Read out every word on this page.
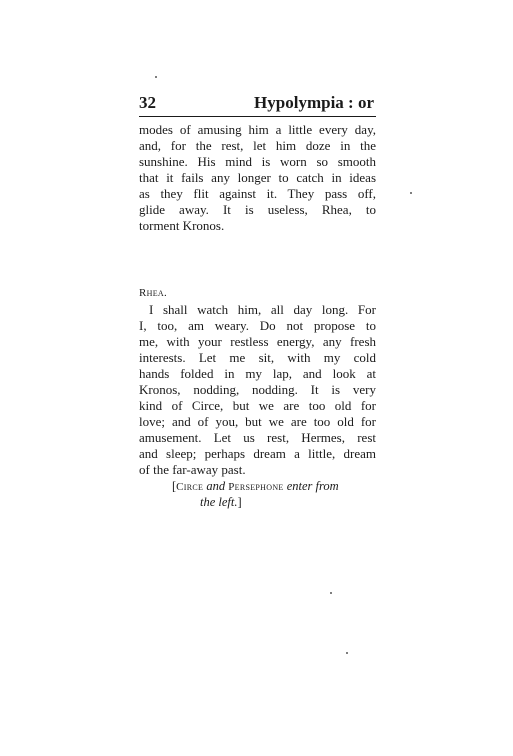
32	Hypolympia : or
modes of amusing him a little every day,
and, for the rest, let him doze in the
sunshine. His mind is worn so smooth
that it fails any longer to catch in ideas
as they flit against it. They pass off,
glide away. It is useless, Rhea, to
torment Kronos.
Rhea.
I shall watch him, all day long. For
I, too, am weary. Do not propose to
me, with your restless energy, any fresh
interests. Let me sit, with my cold
hands folded in my lap, and look at
Kronos, nodding, nodding. It is very
kind of Circe, but we are too old for
love; and of you, but we are too old for
amusement. Let us rest, Hermes, rest
and sleep; perhaps dream a little, dream
of the far-away past.
[Circe and Persephone enter from
the left.]
